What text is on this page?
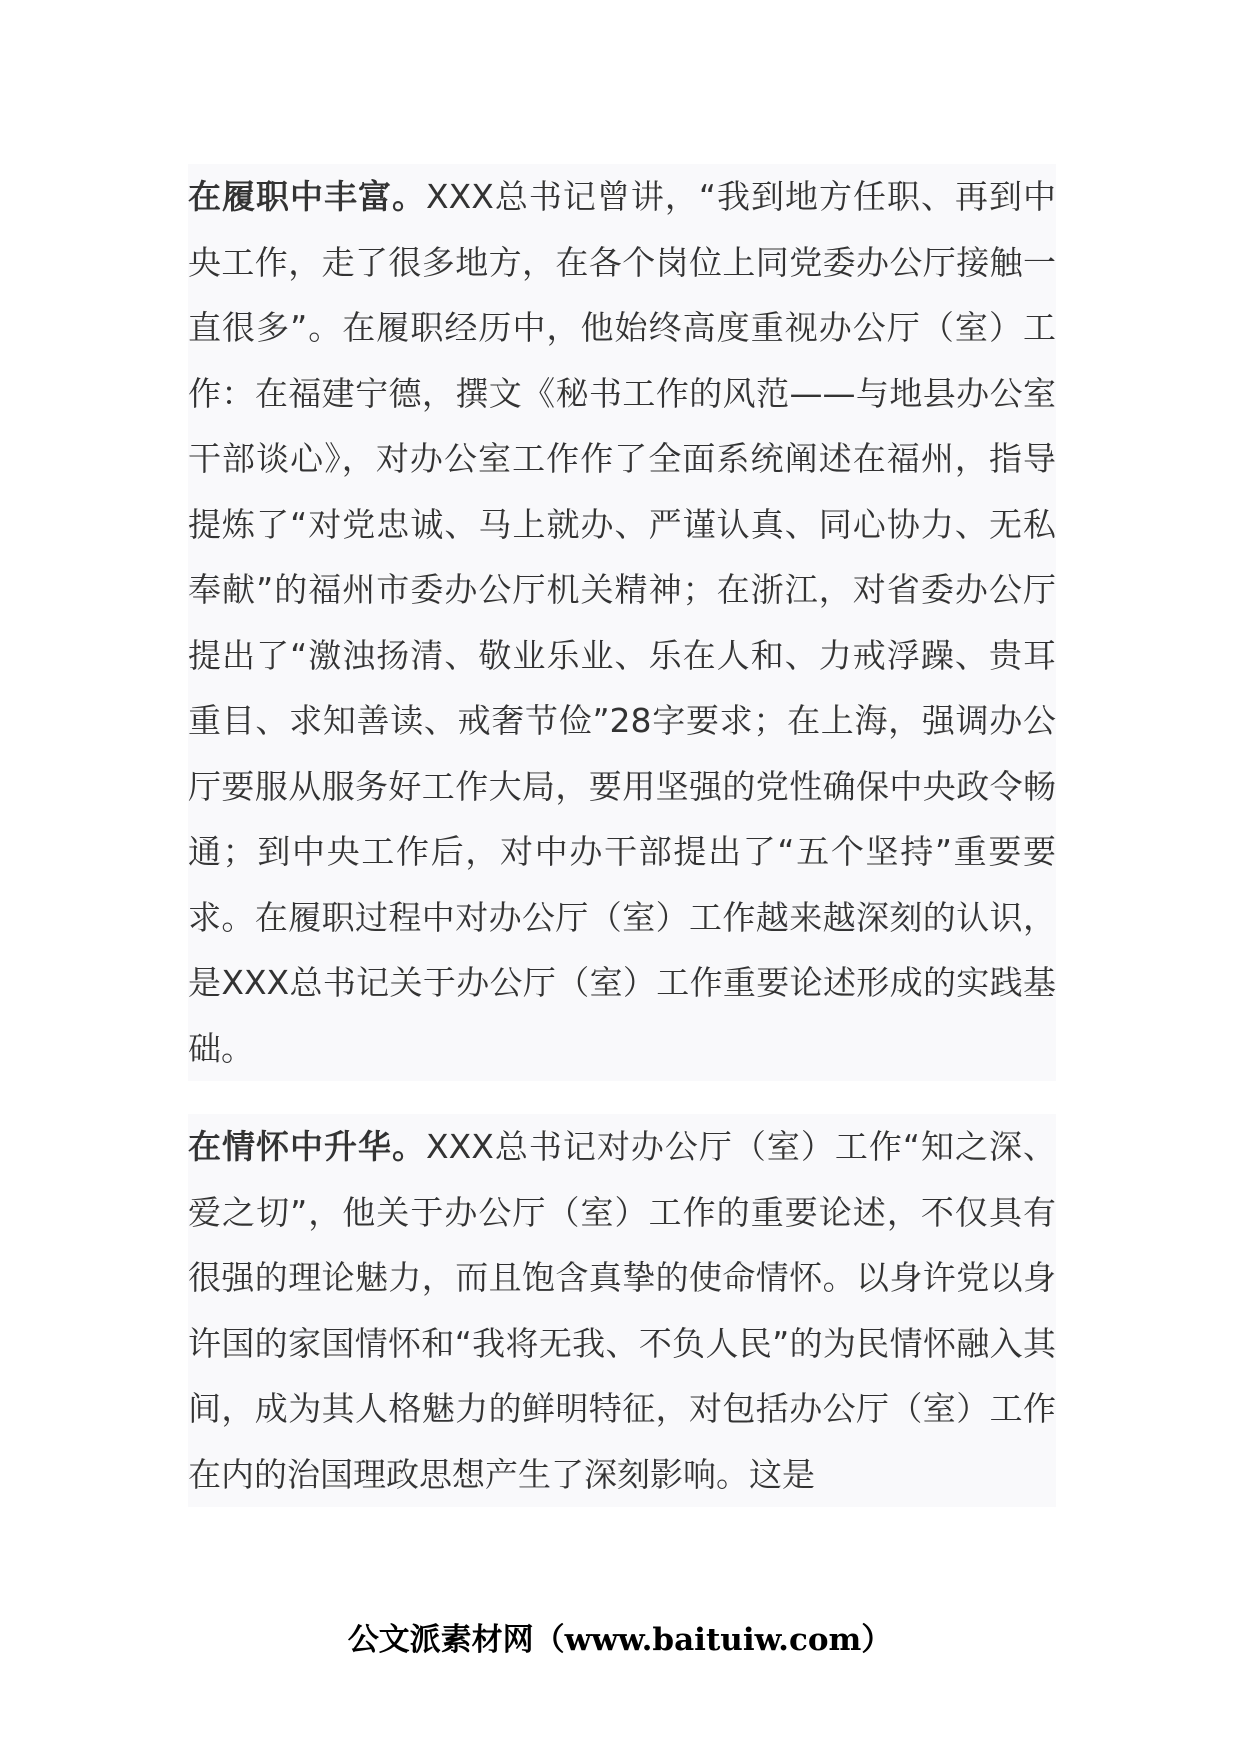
在履职中丰富。XXX总书记曾讲，“我到地方任职、再到中央工作，走了很多地方，在各个岗位上同党委办公厅接触一直很多”。在履职经历中，他始终高度重视办公厅（室）工作：在福建宁德，撰文《秘书工作的风范——与地县办公室干部谈心》，对办公室工作作了全面系统阐述在福州，指导提炼了“对党忠诚、马上就办、严谨认真、同心协力、无私奉献”的福州市委办公厅机关精神；在浙江，对省委办公厅提出了“激浊扬清、敬业乐业、乐在人和、力戒浮躁、贵耳重目、求知善读、戒奢节俭”28字要求；在上海，强调办公厅要服从服务好工作大局，要用坚强的党性确保中央政令畅通；到中央工作后，对中办干部提出了“五个坚持”重要要求。在履职过程中对办公厅（室）工作越来越深刻的认识，是XXX总书记关于办公厅（室）工作重要论述形成的实践基础。
在情怀中升华。XXX总书记对办公厅（室）工作“知之深、爱之切”，他关于办公厅（室）工作的重要论述，不仅具有很强的理论魅力，而且饱含真挚的使命情怀。以身许党以身许国的家国情怀和“我将无我、不负人民”的为民情怀融入其间，成为其人格魅力的鲜明特征，对包括办公厅（室）工作在内的治国理政思想产生了深刻影响。这是
公文派素材网（www.baituiw.com）
